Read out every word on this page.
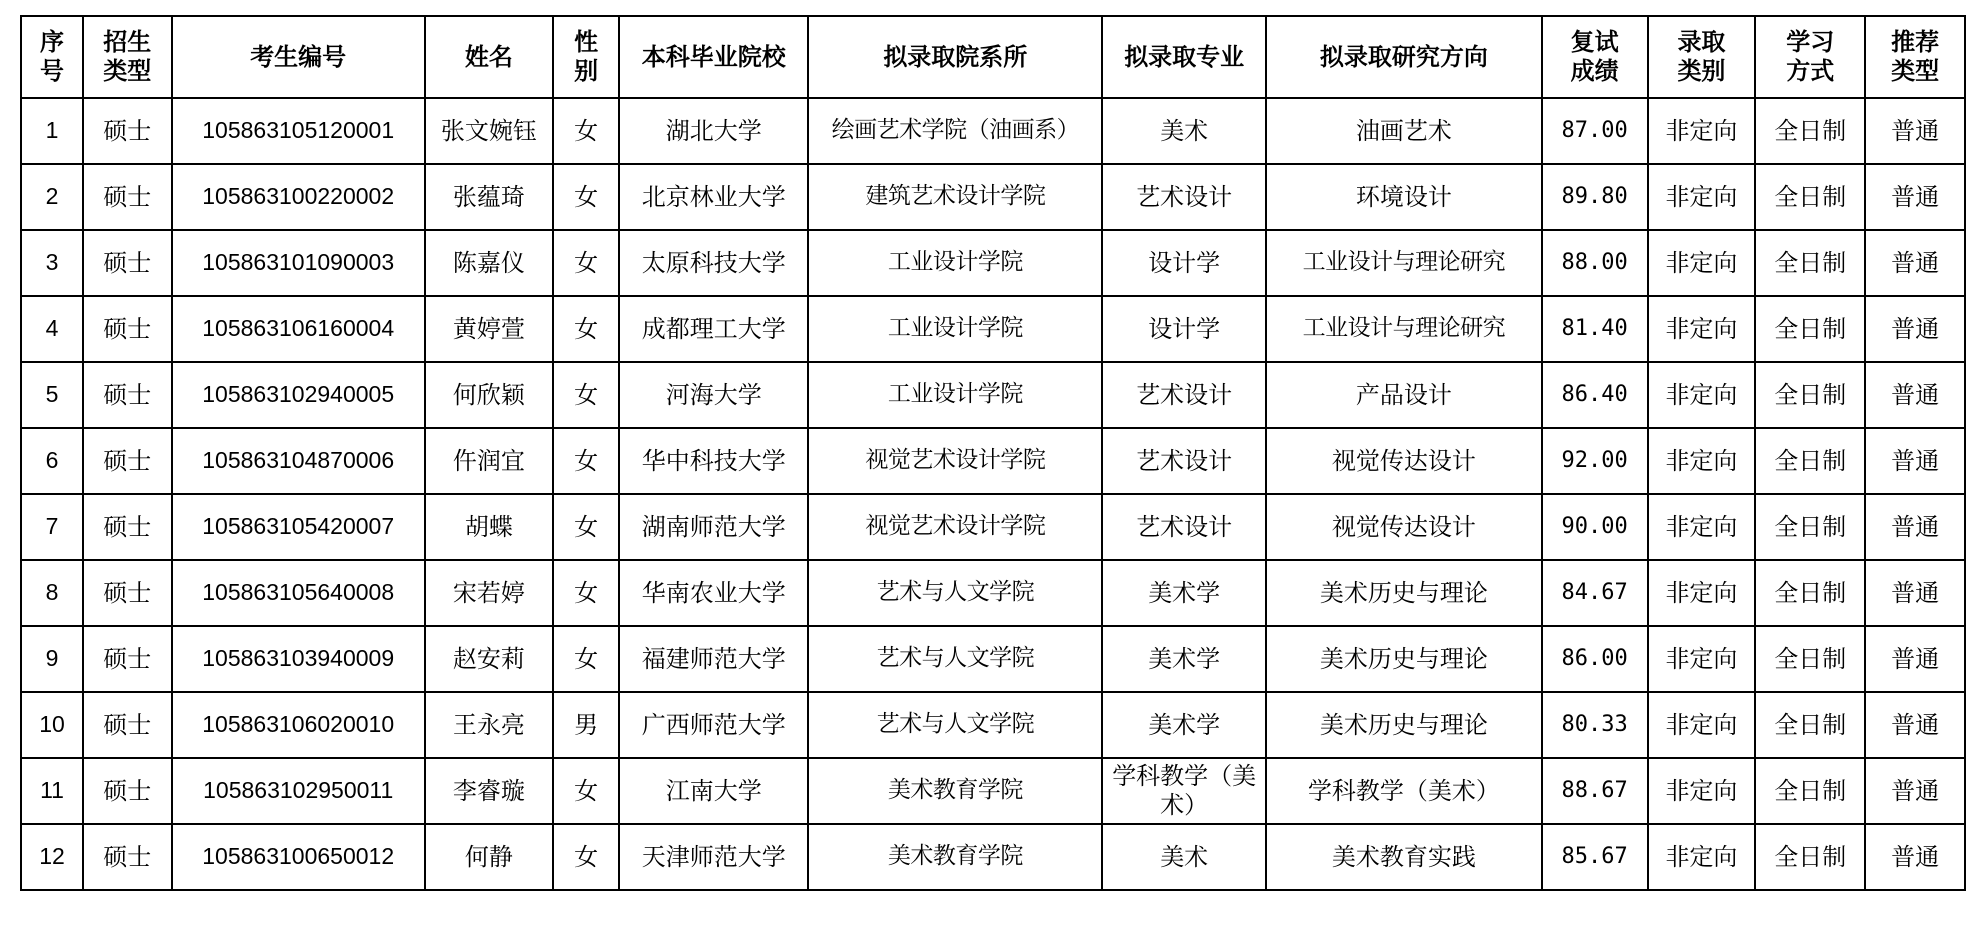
序号	招生类型	考生编号	姓名	性别	本科毕业院校	拟录取院系所	拟录取专业	拟录取研究方向	复试成绩	录取类别	学习方式	推荐类型
1	硕士	105863105120001	张文婉钰	女	湖北大学	绘画艺术学院（油画系）	美术	油画艺术	87.00	非定向	全日制	普通
2	硕士	105863100220002	张蕴琦	女	北京林业大学	建筑艺术设计学院	艺术设计	环境设计	89.80	非定向	全日制	普通
3	硕士	105863101090003	陈嘉仪	女	太原科技大学	工业设计学院	设计学	工业设计与理论研究	88.00	非定向	全日制	普通
4	硕士	105863106160004	黄婷萱	女	成都理工大学	工业设计学院	设计学	工业设计与理论研究	81.40	非定向	全日制	普通
5	硕士	105863102940005	何欣颖	女	河海大学	工业设计学院	艺术设计	产品设计	86.40	非定向	全日制	普通
6	硕士	105863104870006	仵润宜	女	华中科技大学	视觉艺术设计学院	艺术设计	视觉传达设计	92.00	非定向	全日制	普通
7	硕士	105863105420007	胡蝶	女	湖南师范大学	视觉艺术设计学院	艺术设计	视觉传达设计	90.00	非定向	全日制	普通
8	硕士	105863105640008	宋若婷	女	华南农业大学	艺术与人文学院	美术学	美术历史与理论	84.67	非定向	全日制	普通
9	硕士	105863103940009	赵安莉	女	福建师范大学	艺术与人文学院	美术学	美术历史与理论	86.00	非定向	全日制	普通
10	硕士	105863106020010	王永亮	男	广西师范大学	艺术与人文学院	美术学	美术历史与理论	80.33	非定向	全日制	普通
11	硕士	105863102950011	李睿璇	女	江南大学	美术教育学院	学科教学（美术）	学科教学（美术）	88.67	非定向	全日制	普通
12	硕士	105863100650012	何静	女	天津师范大学	美术教育学院	美术	美术教育实践	85.67	非定向	全日制	普通
